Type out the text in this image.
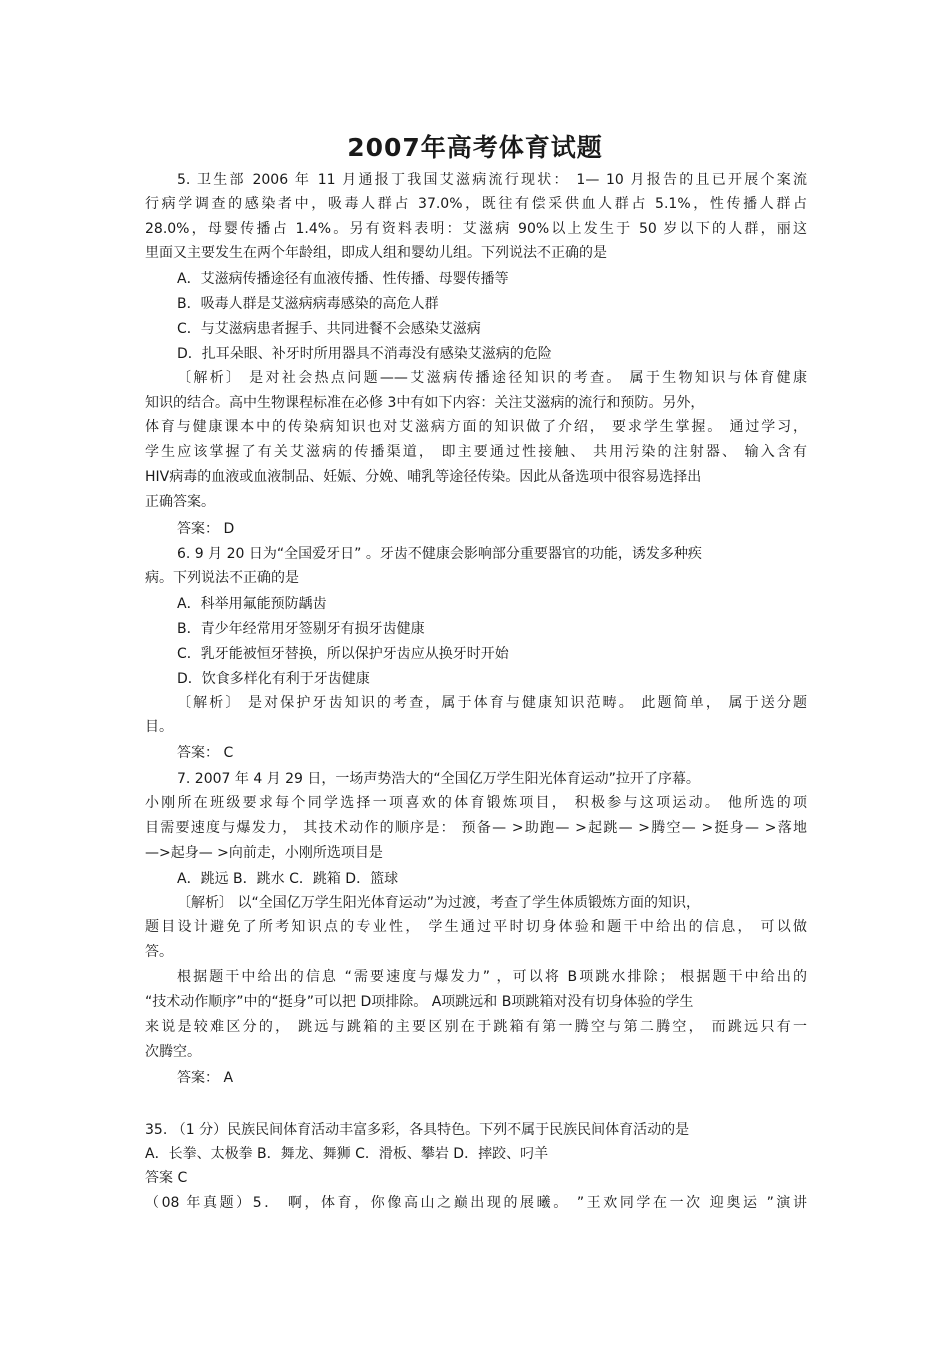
2007年高考体育试题
5. 卫生部 2006 年 11 月通报丁我国艾滋病流行现状： 1— 10 月报告的且已开展个案流
行病学调查的感染者中，吸毒人群占 37.0%，既往有偿采供血人群占 5.1%，性传播人群占
28.0%，母婴传播占 1.4%。另有资料表明：艾滋病 90%以上发生于 50 岁以下的人群，丽这
里面又主要发生在两个年龄组，即成人组和婴幼儿组。下列说法不正确的是
A．艾滋病传播途径有血液传播、性传播、母婴传播等
B．吸毒人群是艾滋病病毒感染的高危人群
C．与艾滋病患者握手、共同进餐不会感染艾滋病
D．扎耳朵眼、补牙时所用器具不消毒没有感染艾滋病的危险
〔解析〕 是对社会热点问题——艾滋病传播途径知识的考查。 属于生物知识与体育健康
知识的结合。高中生物课程标准在必修 3中有如下内容：关注艾滋病的流行和预防。另外，
体育与健康课本中的传染病知识也对艾滋病方面的知识做了介绍， 要求学生掌握。 通过学习，
学生应该掌握了有关艾滋病的传播渠道， 即主要通过性接触、 共用污染的注射器、 输入含有
HIV病毒的血液或血液制品、妊娠、分娩、哺乳等途径传染。因此从备选项中很容易选择出
正确答案。
答案： D
6. 9 月 20 日为“全国爱牙日” 。牙齿不健康会影响部分重要器官的功能，诱发多种疾
病。下列说法不正确的是
A．科举用氟能预防龋齿
B．青少年经常用牙签剔牙有损牙齿健康
C．乳牙能被恒牙替换，所以保护牙齿应从换牙时开始
D．饮食多样化有利于牙齿健康
〔解析〕 是对保护牙齿知识的考查，属于体育与健康知识范畴。 此题简单， 属于送分题
目。
答案： C
7. 2007 年 4 月 29 日，一场声势浩大的“全国亿万学生阳光体育运动”拉开了序幕。
小刚所在班级要求每个同学选择一项喜欢的体育锻炼项目， 积极参与这项运动。 他所选的项
目需要速度与爆发力， 其技术动作的顺序是： 预备— >助跑— >起跳— >腾空— >挺身— >落地
—>起身— >向前走，小刚所选项目是
A．跳远 B．跳水 C．跳箱 D．篮球
〔解析〕 以“全国亿万学生阳光体育运动”为过渡，考查了学生体质锻炼方面的知识，
题目设计避免了所考知识点的专业性， 学生通过平时切身体验和题干中给出的信息， 可以做
答。
根据题干中给出的信息 “需要速度与爆发力” ，可以将 B项跳水排除； 根据题干中给出的
“技术动作顺序”中的“挺身”可以把 D项排除。 A项跳远和 B项跳箱对没有切身体验的学生
来说是较难区分的， 跳远与跳箱的主要区别在于跳箱有第一腾空与第二腾空， 而跳远只有一
次腾空。
答案： A
35. （1 分）民族民间体育活动丰富多彩，各具特色。下列不属于民族民间体育活动的是
A．长拳、太极拳 B．舞龙、舞狮 C．滑板、攀岩 D．摔跤、叼羊
答案 C
（08 年真题）5． 啊，体育，你像高山之巅出现的展曦。 ”王欢同学在一次 迎奥运 ”演讲
